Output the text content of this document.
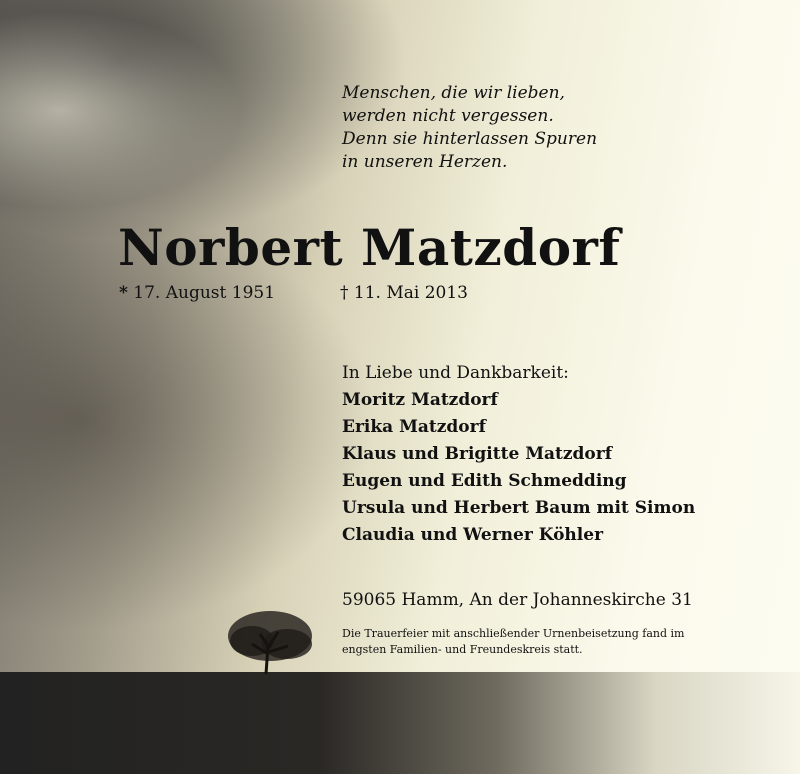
Menschen, die wir lieben,
werden nicht vergessen.
Denn sie hinterlassen Spuren
in unseren Herzen.
Norbert Matzdorf
* 17. August 1951	† 11. Mai 2013
In Liebe und Dankbarkeit:
Moritz Matzdorf
Erika Matzdorf
Klaus und Brigitte Matzdorf
Eugen und Edith Schmedding
Ursula und Herbert Baum mit Simon
Claudia und Werner Köhler
59065 Hamm, An der Johanneskirche 31
Die Trauerfeier mit anschließender Urnenbeisetzung fand im
engsten Familien- und Freundeskreis statt.
